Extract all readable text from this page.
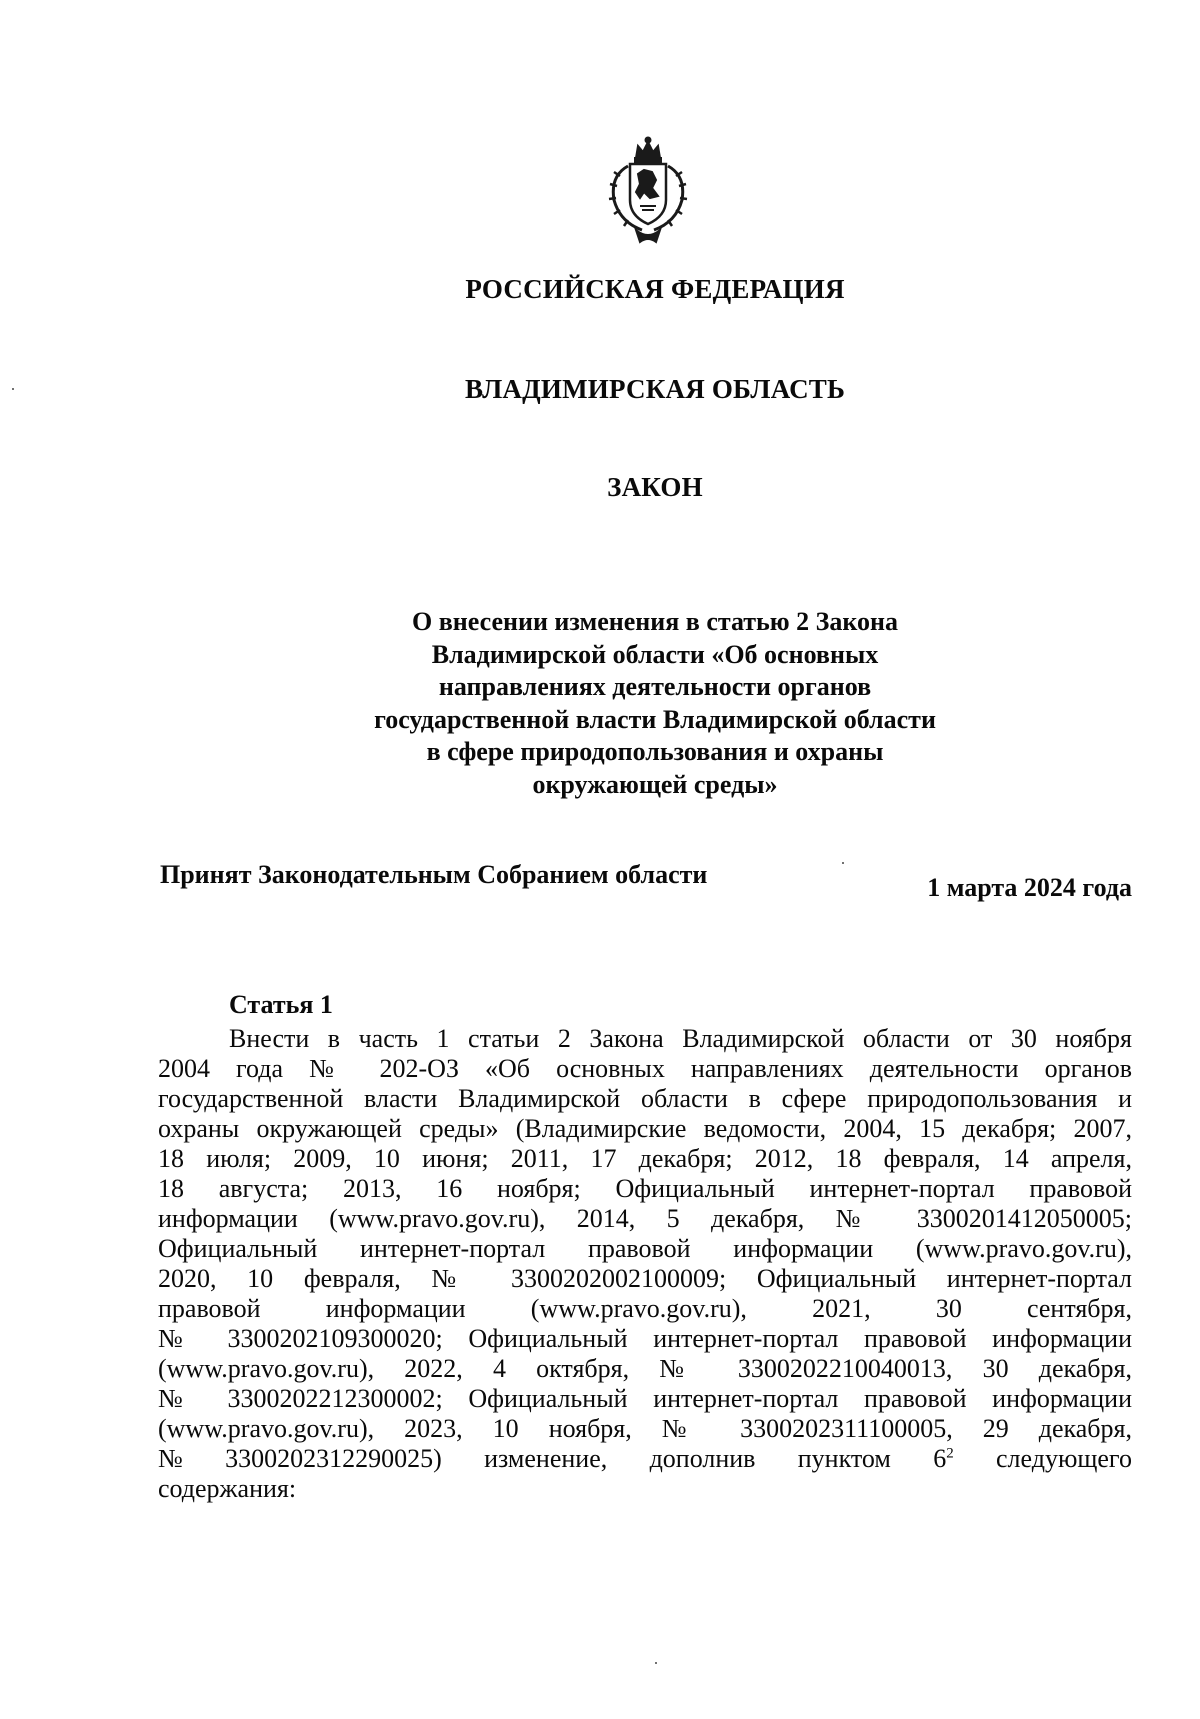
РОССИЙСКАЯ ФЕДЕРАЦИЯ
ВЛАДИМИРСКАЯ ОБЛАСТЬ
ЗАКОН
О внесении изменения в статью 2 Закона
Владимирской области «Об основных
направлениях деятельности органов
государственной власти Владимирской области
в сфере природопользования и охраны
окружающей среды»
Принят Законодательным Собранием области	1 марта 2024 года
Статья 1
Внести в часть 1 статьи 2 Закона Владимирской области от 30 ноября
2004 года № 202-ОЗ «Об основных направлениях деятельности органов
государственной власти Владимирской области в сфере природопользования и
охраны окружающей среды» (Владимирские ведомости, 2004, 15 декабря; 2007,
18 июля; 2009, 10 июня; 2011, 17 декабря; 2012, 18 февраля, 14 апреля,
18 августа; 2013, 16 ноября; Официальный интернет-портал правовой
информации (www.pravo.gov.ru), 2014, 5 декабря, № 3300201412050005;
Официальный интернет-портал правовой информации (www.pravo.gov.ru),
2020, 10 февраля, № 3300202002100009; Официальный интернет-портал
правовой информации (www.pravo.gov.ru), 2021, 30 сентября,
№ 3300202109300020; Официальный интернет-портал правовой информации
(www.pravo.gov.ru), 2022, 4 октября, № 3300202210040013, 30 декабря,
№ 3300202212300002; Официальный интернет-портал правовой информации
(www.pravo.gov.ru), 2023, 10 ноября, № 3300202311100005, 29 декабря,
№ 3300202312290025) изменение, дополнив пунктом $6^2$ следующего
содержания:
